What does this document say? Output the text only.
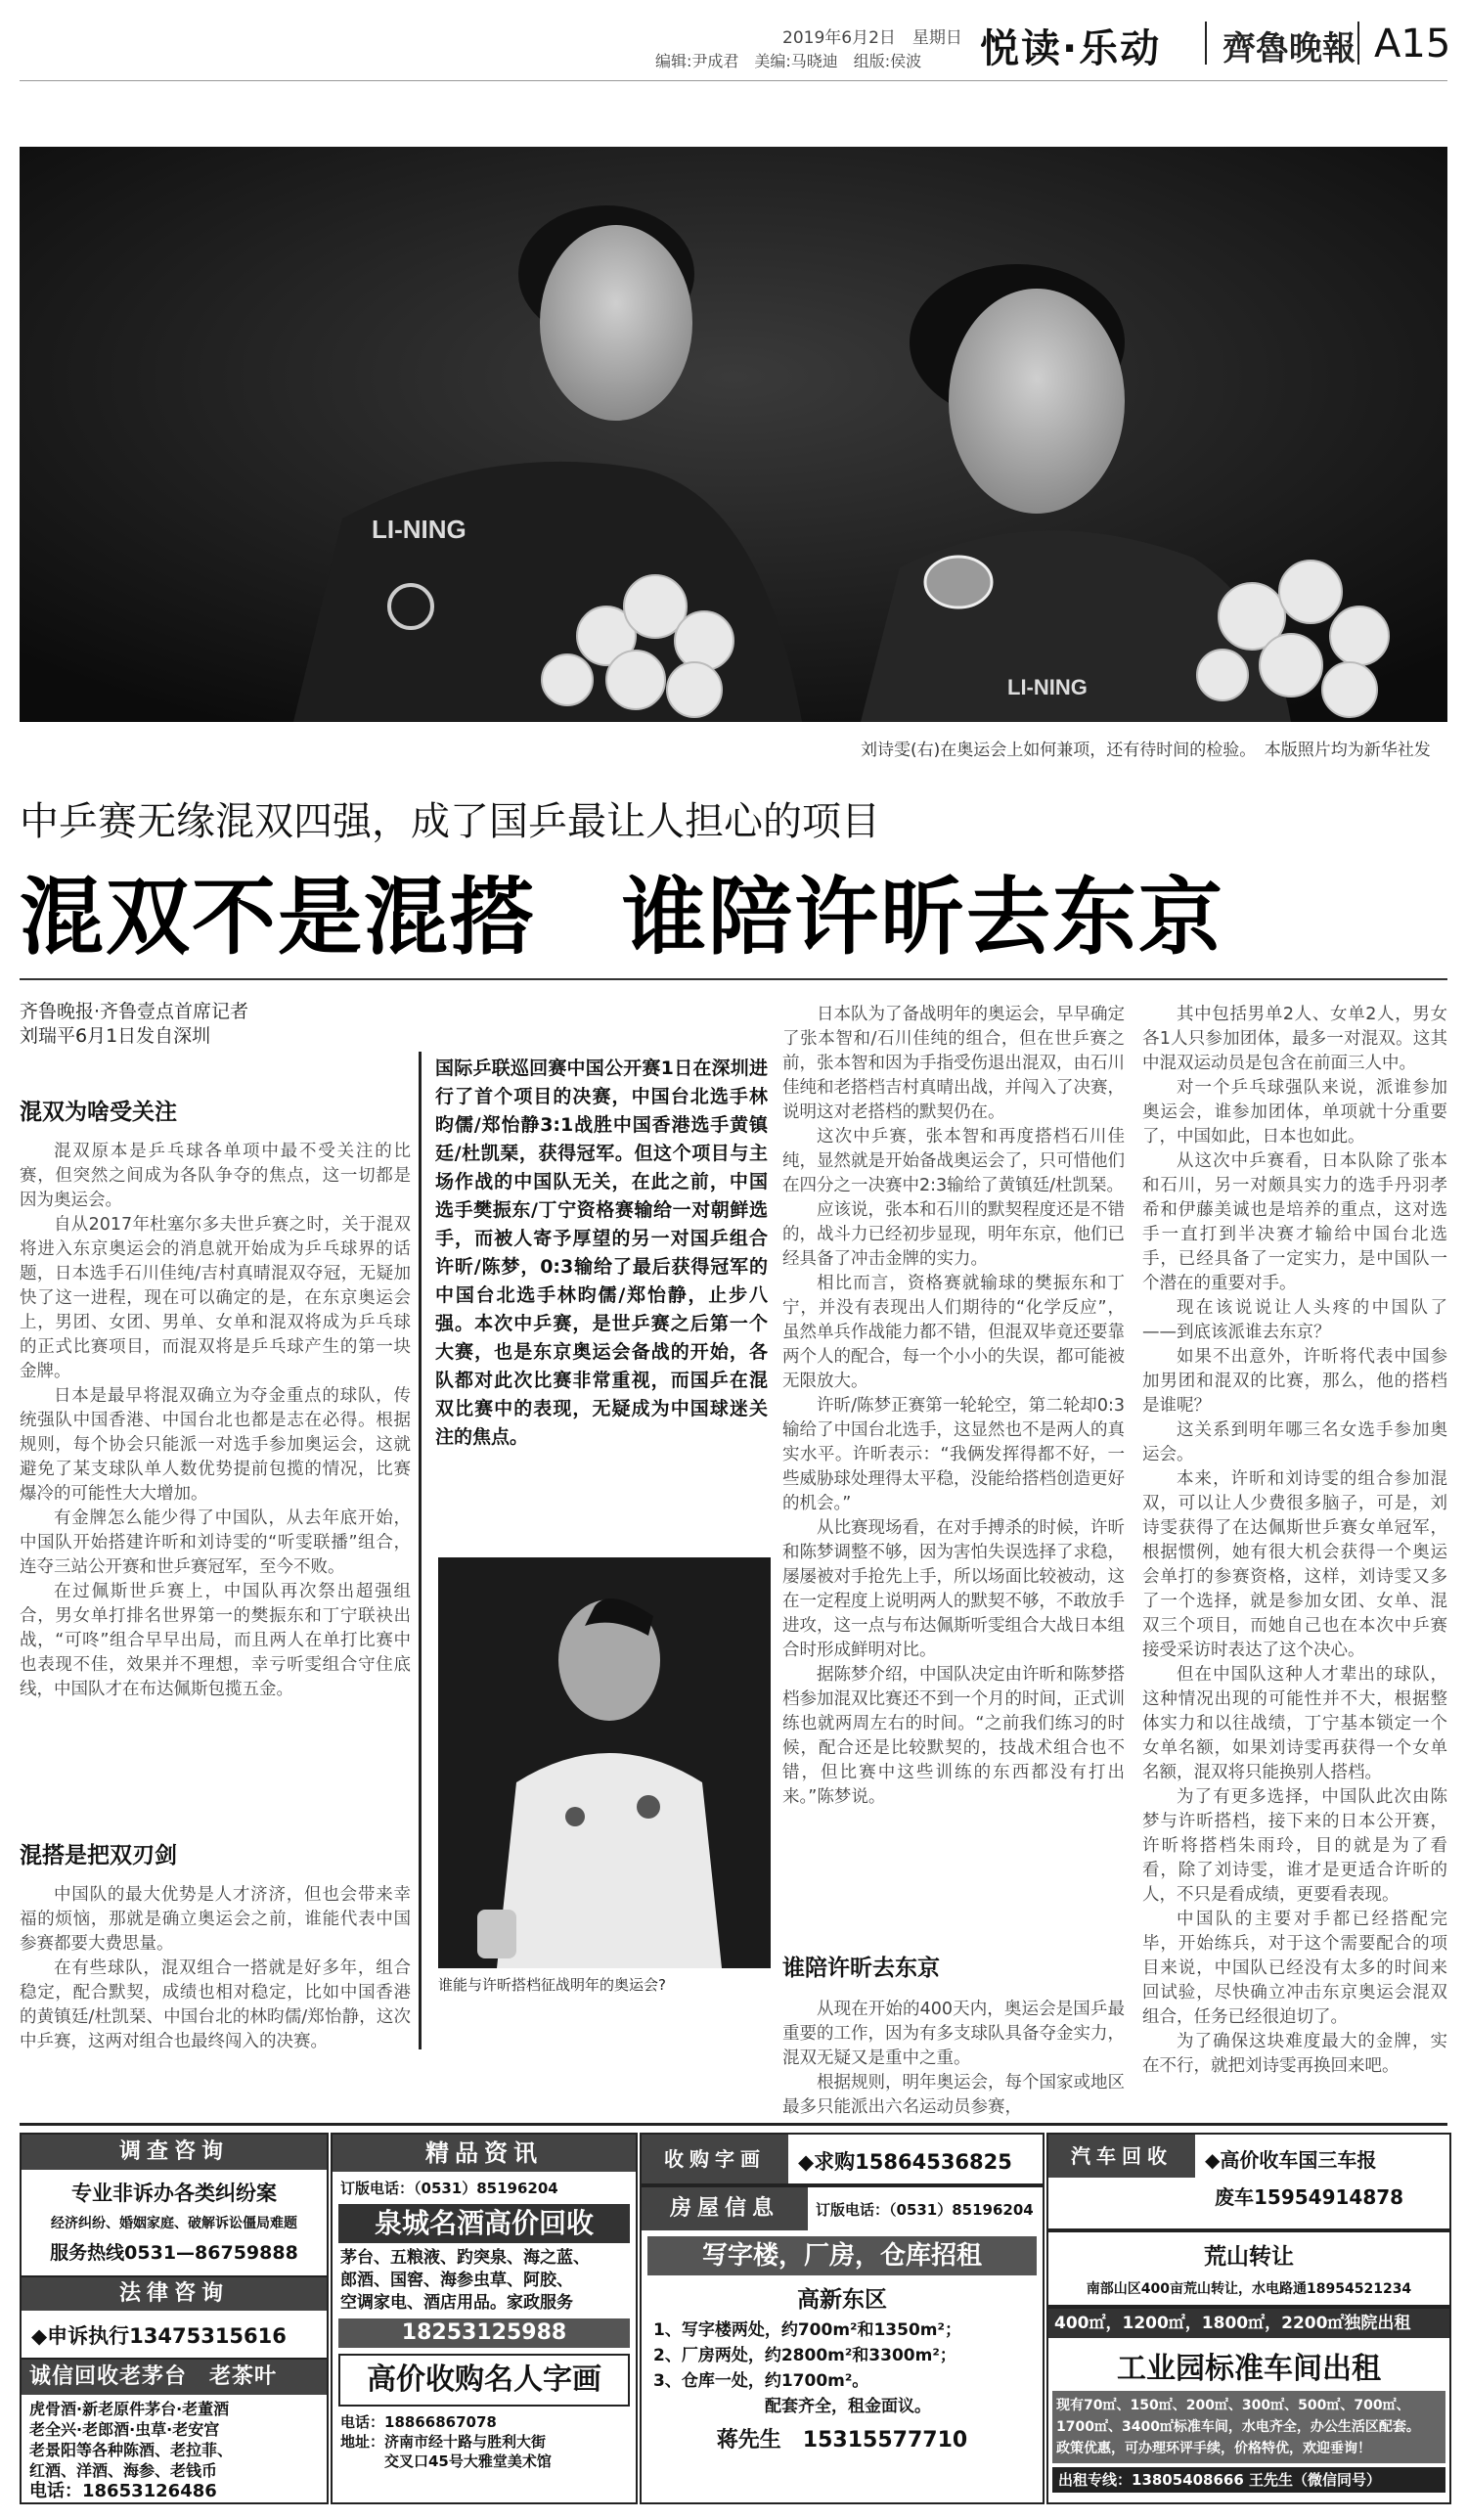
2019年6月2日　星期日
编辑:尹成君　美编:马晓迪　组版:侯波 悦读·乐动 齊魯晚報 A15
LI-NING
LI-NING
刘诗雯(右)在奥运会上如何兼项，还有待时间的检验。　本版照片均为新华社发
中乒赛无缘混双四强，成了国乒最让人担心的项目
混双不是混搭　谁陪许昕去东京
齐鲁晚报·齐鲁壹点首席记者
刘瑞平6月1日发自深圳
混双为啥受关注

混双原本是乒乓球各单项中最不受关注的比赛，但突然之间成为各队争夺的焦点，这一切都是因为奥运会。

自从2017年杜塞尔多夫世乒赛之时，关于混双将进入东京奥运会的消息就开始成为乒乓球界的话题，日本选手石川佳纯/吉村真晴混双夺冠，无疑加快了这一进程，现在可以确定的是，在东京奥运会上，男团、女团、男单、女单和混双将成为乒乓球的正式比赛项目，而混双将是乒乓球产生的第一块金牌。

日本是最早将混双确立为夺金重点的球队，传统强队中国香港、中国台北也都是志在必得。根据规则，每个协会只能派一对选手参加奥运会，这就避免了某支球队单人数优势提前包揽的情况，比赛爆冷的可能性大大增加。

有金牌怎么能少得了中国队，从去年底开始，中国队开始搭建许昕和刘诗雯的“听雯联播”组合，连夺三站公开赛和世乒赛冠军，至今不败。

在过佩斯世乒赛上，中国队再次祭出超强组合，男女单打排名世界第一的樊振东和丁宁联袂出战，“可咚”组合早早出局，而且两人在单打比赛中也表现不佳，效果并不理想，幸亏听雯组合守住底线，中国队才在布达佩斯包揽五金。

混搭是把双刃剑

中国队的最大优势是人才济济，但也会带来幸福的烦恼，那就是确立奥运会之前，谁能代表中国参赛都要大费思量。

在有些球队，混双组合一搭就是好多年，组合稳定，配合默契，成绩也相对稳定，比如中国香港的黄镇廷/杜凯琹、中国台北的林昀儒/郑怡静，这次中乒赛，这两对组合也最终闯入的决赛。

国际乒联巡回赛中国公开赛1日在深圳进行了首个项目的决赛，中国台北选手林昀儒/郑怡静3:1战胜中国香港选手黄镇廷/杜凯琹，获得冠军。但这个项目与主场作战的中国队无关，在此之前，中国选手樊振东/丁宁资格赛输给一对朝鲜选手，而被人寄予厚望的另一对国乒组合许昕/陈梦，0:3输给了最后获得冠军的中国台北选手林昀儒/郑怡静，止步八强。本次中乒赛，是世乒赛之后第一个大赛，也是东京奥运会备战的开始，各队都对此次比赛非常重视，而国乒在混双比赛中的表现，无疑成为中国球迷关注的焦点。
谁能与许昕搭档征战明年的奥运会?

日本队为了备战明年的奥运会，早早确定了张本智和/石川佳纯的组合，但在世乒赛之前，张本智和因为手指受伤退出混双，由石川佳纯和老搭档吉村真晴出战，并闯入了决赛，说明这对老搭档的默契仍在。

这次中乒赛，张本智和再度搭档石川佳纯，显然就是开始备战奥运会了，只可惜他们在四分之一决赛中2:3输给了黄镇廷/杜凯琹。

应该说，张本和石川的默契程度还是不错的，战斗力已经初步显现，明年东京，他们已经具备了冲击金牌的实力。

相比而言，资格赛就输球的樊振东和丁宁，并没有表现出人们期待的“化学反应”，虽然单兵作战能力都不错，但混双毕竟还要靠两个人的配合，每一个小小的失误，都可能被无限放大。

许昕/陈梦正赛第一轮轮空，第二轮却0:3输给了中国台北选手，这显然也不是两人的真实水平。许昕表示：“我俩发挥得都不好，一些威胁球处理得太平稳，没能给搭档创造更好的机会。”

从比赛现场看，在对手搏杀的时候，许昕和陈梦调整不够，因为害怕失误选择了求稳，屡屡被对手抢先上手，所以场面比较被动，这在一定程度上说明两人的默契不够，不敢放手进攻，这一点与布达佩斯听雯组合大战日本组合时形成鲜明对比。

据陈梦介绍，中国队决定由许昕和陈梦搭档参加混双比赛还不到一个月的时间，正式训练也就两周左右的时间。“之前我们练习的时候，配合还是比较默契的，技战术组合也不错，但比赛中这些训练的东西都没有打出来。”陈梦说。

谁陪许昕去东京

从现在开始的400天内，奥运会是国乒最重要的工作，因为有多支球队具备夺金实力，混双无疑又是重中之重。

根据规则，明年奥运会，每个国家或地区最多只能派出六名运动员参赛，

其中包括男单2人、女单2人，男女各1人只参加团体，最多一对混双。这其中混双运动员是包含在前面三人中。

对一个乒乓球强队来说，派谁参加奥运会，谁参加团体，单项就十分重要了，中国如此，日本也如此。

从这次中乒赛看，日本队除了张本和石川，另一对颇具实力的选手丹羽孝希和伊藤美诚也是培养的重点，这对选手一直打到半决赛才输给中国台北选手，已经具备了一定实力，是中国队一个潜在的重要对手。

现在该说说让人头疼的中国队了——到底该派谁去东京？

如果不出意外，许昕将代表中国参加男团和混双的比赛，那么，他的搭档是谁呢？

这关系到明年哪三名女选手参加奥运会。

本来，许昕和刘诗雯的组合参加混双，可以让人少费很多脑子，可是，刘诗雯获得了在达佩斯世乒赛女单冠军，根据惯例，她有很大机会获得一个奥运会单打的参赛资格，这样，刘诗雯又多了一个选择，就是参加女团、女单、混双三个项目，而她自己也在本次中乒赛接受采访时表达了这个决心。

但在中国队这种人才辈出的球队，这种情况出现的可能性并不大，根据整体实力和以往战绩，丁宁基本锁定一个女单名额，如果刘诗雯再获得一个女单名额，混双将只能换别人搭档。

为了有更多选择，中国队此次由陈梦与许昕搭档，接下来的日本公开赛，许昕将搭档朱雨玲，目的就是为了看看，除了刘诗雯，谁才是更适合许昕的人，不只是看成绩，更要看表现。

中国队的主要对手都已经搭配完毕，开始练兵，对于这个需要配合的项目来说，中国队已经没有太多的时间来回试验，尽快确立冲击东京奥运会混双组合，任务已经很迫切了。

为了确保这块难度最大的金牌，实在不行，就把刘诗雯再换回来吧。

调查咨询
专业非诉办各类纠纷案
经济纠纷、婚姻家庭、破解诉讼僵局难题
服务热线0531—86759888
法律咨询
◆申诉执行13475315616
诚信回收老茅台　老茶叶
虎骨酒·新老原件茅台·老董酒
老全兴·老郎酒·虫草·老安宫
老景阳等各种陈酒、老拉菲、
红酒、洋酒、海参、老钱币
电话：18653126486
精品资讯
订版电话：（0531）85196204
泉城名酒高价回收
茅台、五粮液、趵突泉、海之蓝、
郎酒、国窖、海参虫草、阿胶、
空调家电、酒店用品。家政服务
18253125988
高价收购名人字画
电话：18866867078
地址：济南市经十路与胜利大街
交叉口45号大雅堂美术馆
收购字画	◆求购15864536825
房屋信息	订版电话：（0531）85196204
写字楼，厂房，仓库招租
高新东区
1、写字楼两处，约700m²和1350m²；
2、厂房两处，约2800m²和3300m²；
3、仓库一处，约1700m²。
配套齐全，租金面议。
蒋先生　15315577710
汽车回收	◆高价收车国三车报
废车15954914878
荒山转让
南部山区400亩荒山转让，水电路通18954521234
400㎡，1200㎡，1800㎡，2200㎡独院出租
工业园标准车间出租
现有70㎡、150㎡、200㎡、300㎡、500㎡、700㎡、
1700㎡、3400㎡标准车间，水电齐全，办公生活区配套。
政策优惠，可办理环评手续，价格特优，欢迎垂询！
出租专线：13805408666 王先生（微信同号）
